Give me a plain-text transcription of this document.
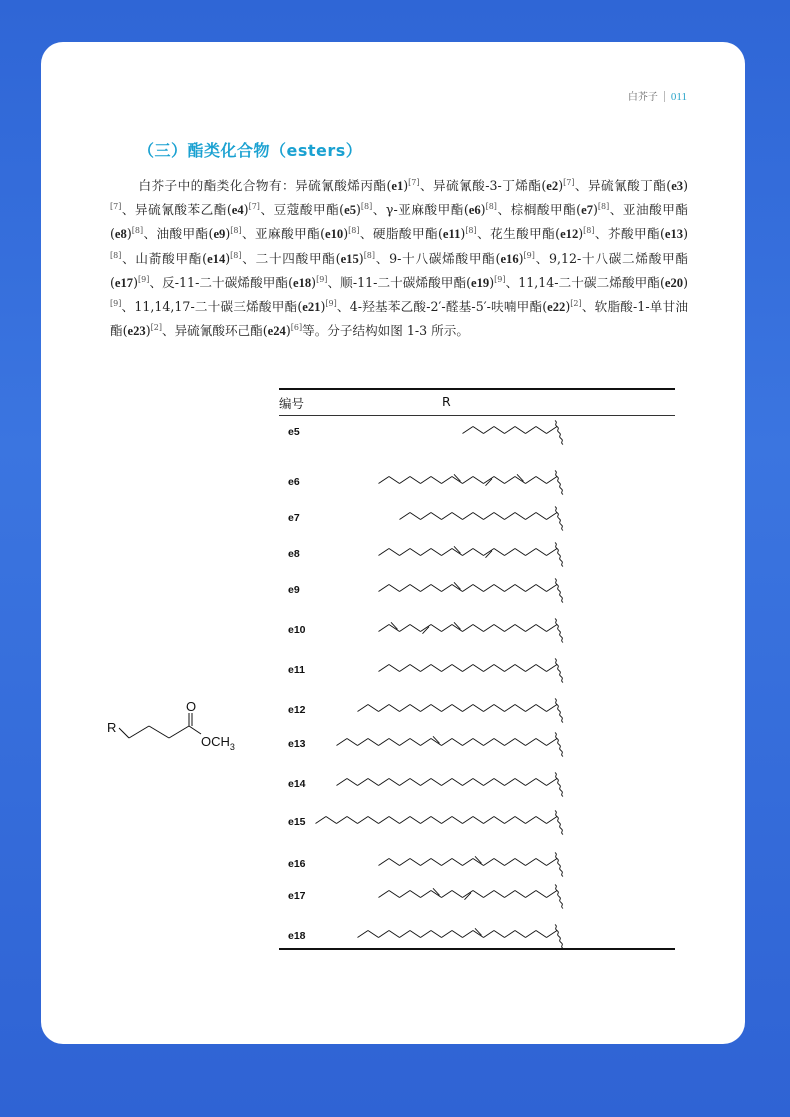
白芥子 011
（三）酯类化合物（esters）
白芥子中的酯类化合物有：异硫氰酸烯丙酯(e1)[7]、异硫氰酸-3-丁烯酯(e2)[7]、异硫氰酸丁酯(e3)[7]、异硫氰酸苯乙酯(e4)[7]、豆蔻酸甲酯(e5)[8]、γ-亚麻酸甲酯(e6)[8]、棕榈酸甲酯(e7)[8]、亚油酸甲酯(e8)[8]、油酸甲酯(e9)[8]、亚麻酸甲酯(e10)[8]、硬脂酸甲酯(e11)[8]、花生酸甲酯(e12)[8]、芥酸甲酯(e13)[8]、山萮酸甲酯(e14)[8]、二十四酸甲酯(e15)[8]、9-十八碳烯酸甲酯(e16)[9]、9,12-十八碳二烯酸甲酯(e17)[9]、反-11-二十碳烯酸甲酯(e18)[9]、顺-11-二十碳烯酸甲酯(e19)[9]、11,14-二十碳二烯酸甲酯(e20)[9]、11,14,17-二十碳三烯酸甲酯(e21)[9]、4-羟基苯乙酸-2′-醛基-5′-呋喃甲酯(e22)[2]、软脂酸-1-单甘油酯(e23)[2]、异硫氰酸环己酯(e24)[6]等。分子结构如图 1-3 所示。
编号	R
e5
e6
e7
e8
e9
e10
e11
e12
e13
e14
e15
e16
e17
e18
R
O
$OCH_3$
